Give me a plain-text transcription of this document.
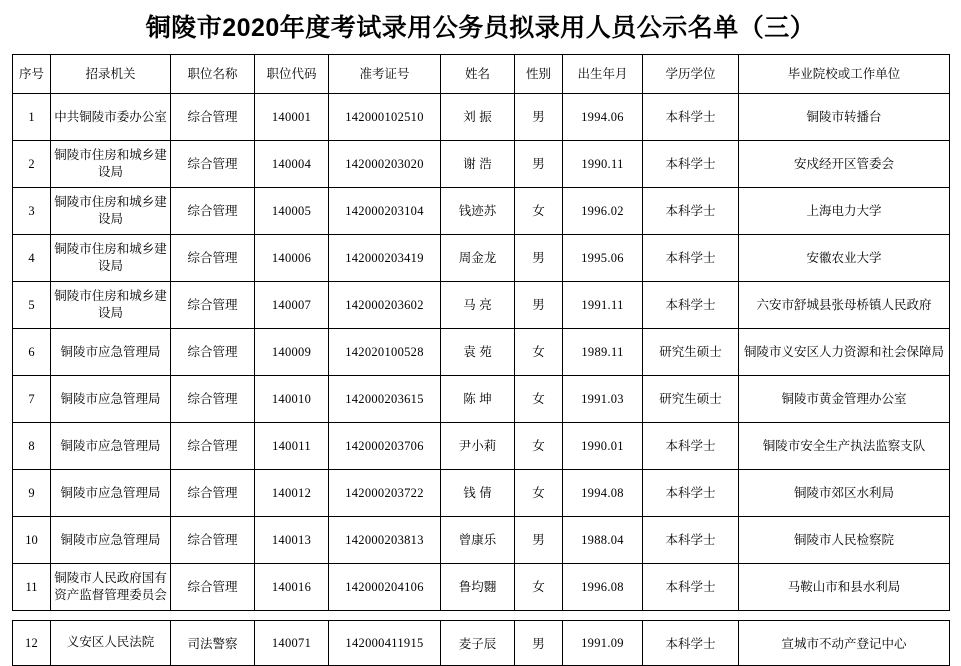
铜陵市2020年度考试录用公务员拟录用人员公示名单（三）
序号	招录机关	职位名称	职位代码	准考证号	姓名	性别	出生年月	学历学位	毕业院校或工作单位
1	中共铜陵市委办公室	综合管理	140001	142000102510	刘 振	男	1994.06	本科学士	铜陵市转播台
2	铜陵市住房和城乡建设局	综合管理	140004	142000203020	谢 浩	男	1990.11	本科学士	安戍经开区管委会
3	铜陵市住房和城乡建设局	综合管理	140005	142000203104	钱迹苏	女	1996.02	本科学士	上海电力大学
4	铜陵市住房和城乡建设局	综合管理	140006	142000203419	周金龙	男	1995.06	本科学士	安徽农业大学
5	铜陵市住房和城乡建设局	综合管理	140007	142000203602	马 亮	男	1991.11	本科学士	六安市舒城县张母桥镇人民政府
6	铜陵市应急管理局	综合管理	140009	142020100528	袁 苑	女	1989.11	研究生硕士	铜陵市义安区人力资源和社会保障局
7	铜陵市应急管理局	综合管理	140010	142000203615	陈 坤	女	1991.03	研究生硕士	铜陵市黄金管理办公室
8	铜陵市应急管理局	综合管理	140011	142000203706	尹小莉	女	1990.01	本科学士	铜陵市安全生产执法监察支队
9	铜陵市应急管理局	综合管理	140012	142000203722	钱 倩	女	1994.08	本科学士	铜陵市郊区水利局
10	铜陵市应急管理局	综合管理	140013	142000203813	曾康乐	男	1988.04	本科学士	铜陵市人民检察院
11	铜陵市人民政府国有资产监督管理委员会	综合管理	140016	142000204106	鲁均翾	女	1996.08	本科学士	马鞍山市和县水利局
12	义安区人民法院	司法警察	140071	142000411915	麦子辰	男	1991.09	本科学士	宣城市不动产登记中心
